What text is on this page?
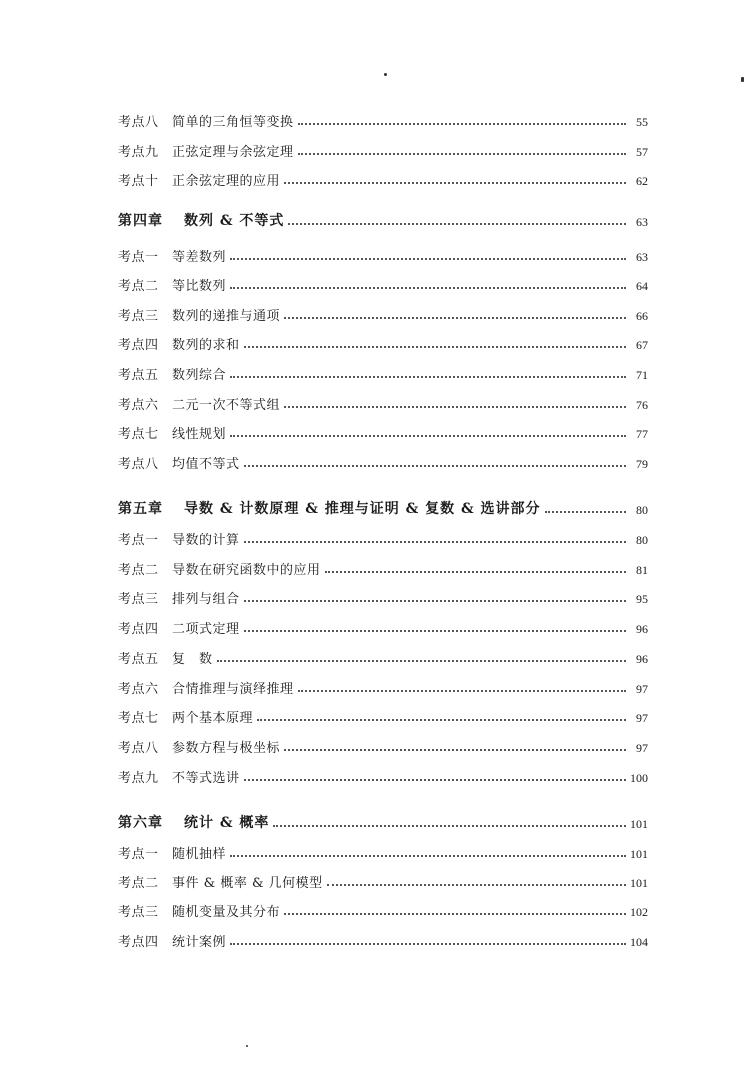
考点八 简单的三角恒等变换	55
考点九 正弦定理与余弦定理	57
考点十 正余弦定理的应用	62
第四章 数列 & 不等式	63
考点一 等差数列	63
考点二 等比数列	64
考点三 数列的递推与通项	66
考点四 数列的求和	67
考点五 数列综合	71
考点六 二元一次不等式组	76
考点七 线性规划	77
考点八 均值不等式	79
第五章 导数 & 计数原理 & 推理与证明 & 复数 & 选讲部分	80
考点一 导数的计算	80
考点二 导数在研究函数中的应用	81
考点三 排列与组合	95
考点四 二项式定理	96
考点五 复　数	96
考点六 合情推理与演绎推理	97
考点七 两个基本原理	97
考点八 参数方程与极坐标	97
考点九 不等式选讲	100
第六章 统计 & 概率	101
考点一 随机抽样	101
考点二 事件 & 概率 & 几何模型	101
考点三 随机变量及其分布	102
考点四 统计案例	104
